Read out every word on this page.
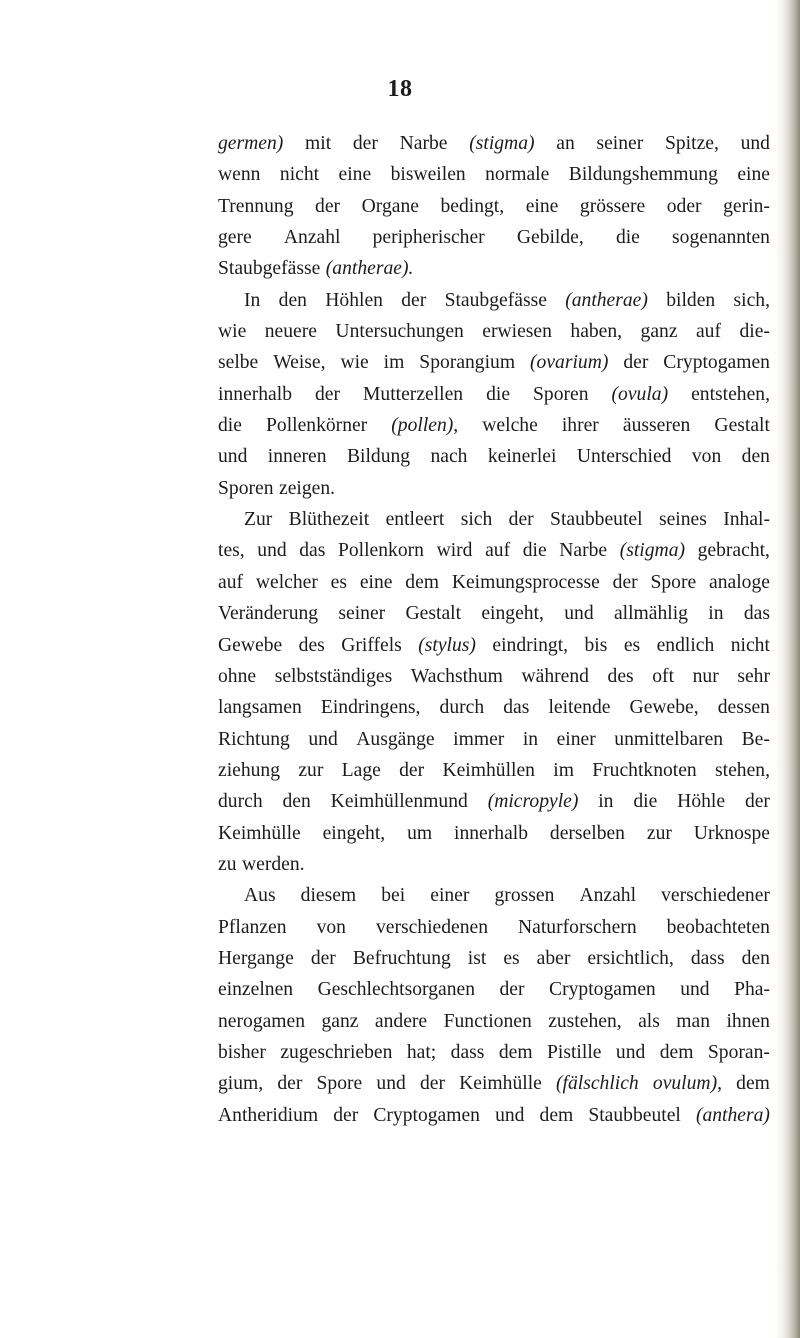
18
germen) mit der Narbe (stigma) an seiner Spitze, und
wenn nicht eine bisweilen normale Bildungshemmung eine
Trennung der Organe bedingt, eine grössere oder gerin-
gere Anzahl peripherischer Gebilde, die sogenannten
Staubgefässe (antherae).
In den Höhlen der Staubgefässe (antherae) bilden sich,
wie neuere Untersuchungen erwiesen haben, ganz auf die-
selbe Weise, wie im Sporangium (ovarium) der Cryptogamen
innerhalb der Mutterzellen die Sporen (ovula) entstehen,
die Pollenkörner (pollen), welche ihrer äusseren Gestalt
und inneren Bildung nach keinerlei Unterschied von den
Sporen zeigen.
Zur Blüthezeit entleert sich der Staubbeutel seines Inhal-
tes, und das Pollenkorn wird auf die Narbe (stigma) gebracht,
auf welcher es eine dem Keimungsprocesse der Spore analoge
Veränderung seiner Gestalt eingeht, und allmählig in das
Gewebe des Griffels (stylus) eindringt, bis es endlich nicht
ohne selbstständiges Wachsthum während des oft nur sehr
langsamen Eindringens, durch das leitende Gewebe, dessen
Richtung und Ausgänge immer in einer unmittelbaren Be-
ziehung zur Lage der Keimhüllen im Fruchtknoten stehen,
durch den Keimhüllenmund (micropyle) in die Höhle der
Keimhülle eingeht, um innerhalb derselben zur Urknospe
zu werden.
Aus diesem bei einer grossen Anzahl verschiedener
Pflanzen von verschiedenen Naturforschern beobachteten
Hergange der Befruchtung ist es aber ersichtlich, dass den
einzelnen Geschlechtsorganen der Cryptogamen und Pha-
nerogamen ganz andere Functionen zustehen, als man ihnen
bisher zugeschrieben hat; dass dem Pistille und dem Sporan-
gium, der Spore und der Keimhülle (fälschlich ovulum), dem
Antheridium der Cryptogamen und dem Staubbeutel (anthera)
